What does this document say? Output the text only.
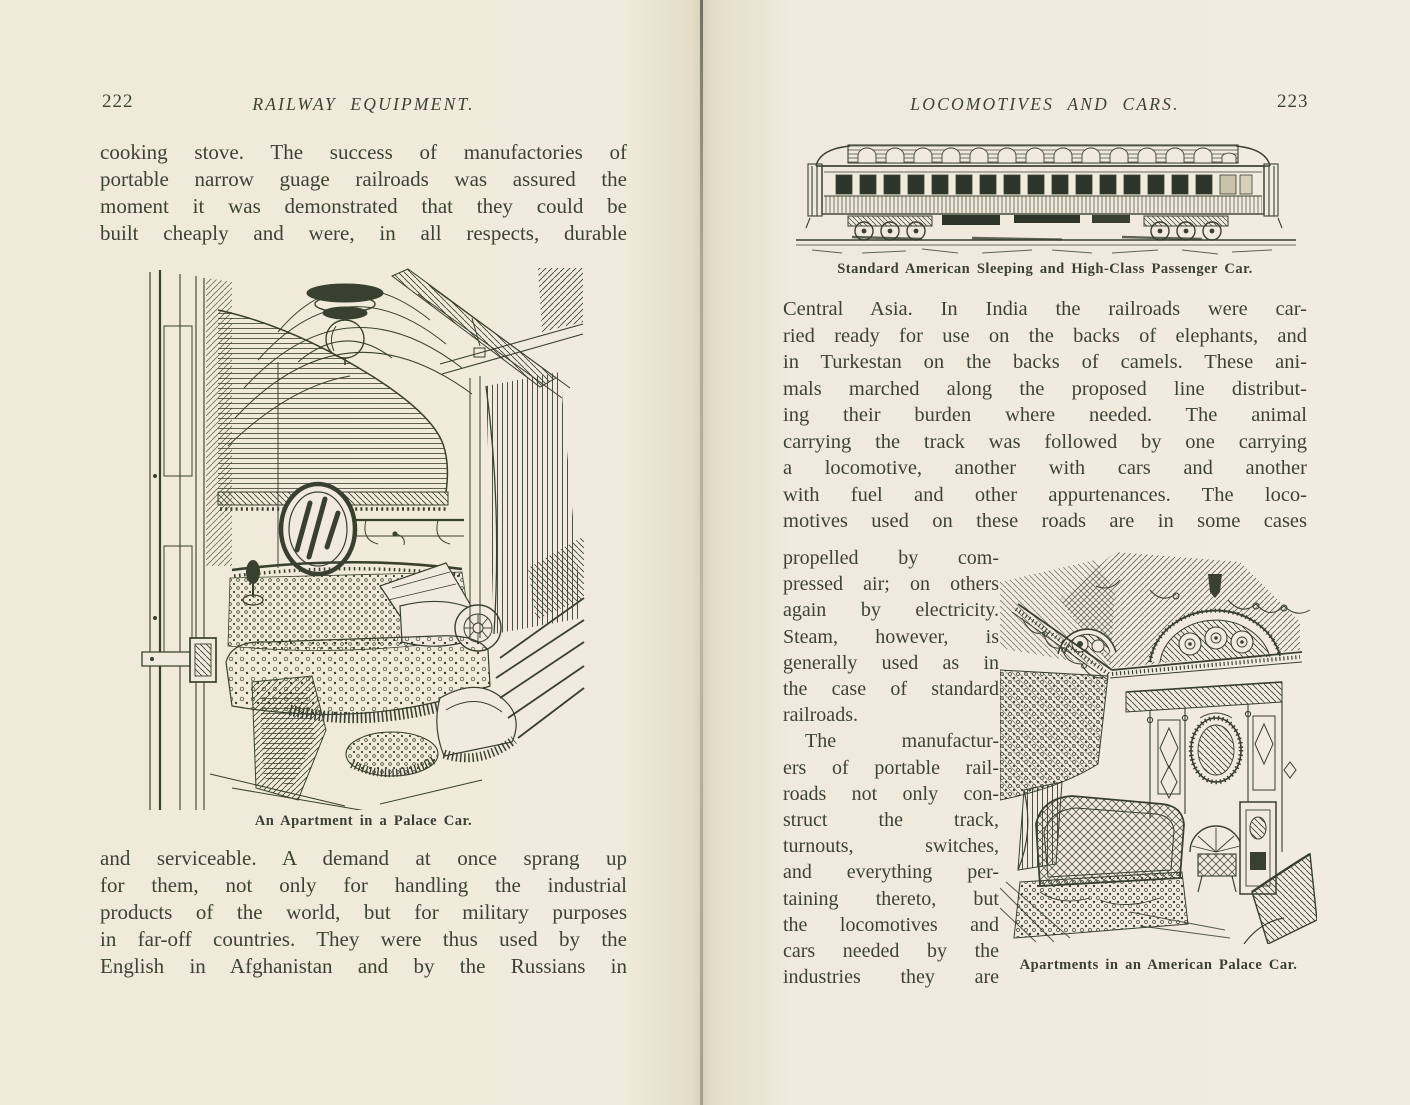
222	RAILWAY EQUIPMENT.
cooking stove. The success of manufactories of
portable narrow guage railroads was assured the
moment it was demonstrated that they could be
built cheaply and were, in all respects, durable
An Apartment in a Palace Car.
and serviceable. A demand at once sprang up
for them, not only for handling the industrial
products of the world, but for military purposes
in far-off countries. They were thus used by the
English in Afghanistan and by the Russians in
LOCOMOTIVES AND CARS.	223
Standard American Sleeping and High-Class Passenger Car.
Central Asia. In India the railroads were car-
ried ready for use on the backs of elephants, and
in Turkestan on the backs of camels. These ani-
mals marched along the proposed line distribut-
ing their burden where needed. The animal
carrying the track was followed by one carrying
a locomotive, another with cars and another
with fuel and other appurtenances. The loco-
motives used on these roads are in some cases
propelled by com-
pressed air; on others
again by electricity.
Steam, however, is
generally used as in
the case of standard
railroads.
The manufactur-
ers of portable rail-
roads not only con-
struct the track,
turnouts, switches,
and everything per-
taining thereto, but
the locomotives and
cars needed by the
industries they are
Apartments in an American Palace Car.
